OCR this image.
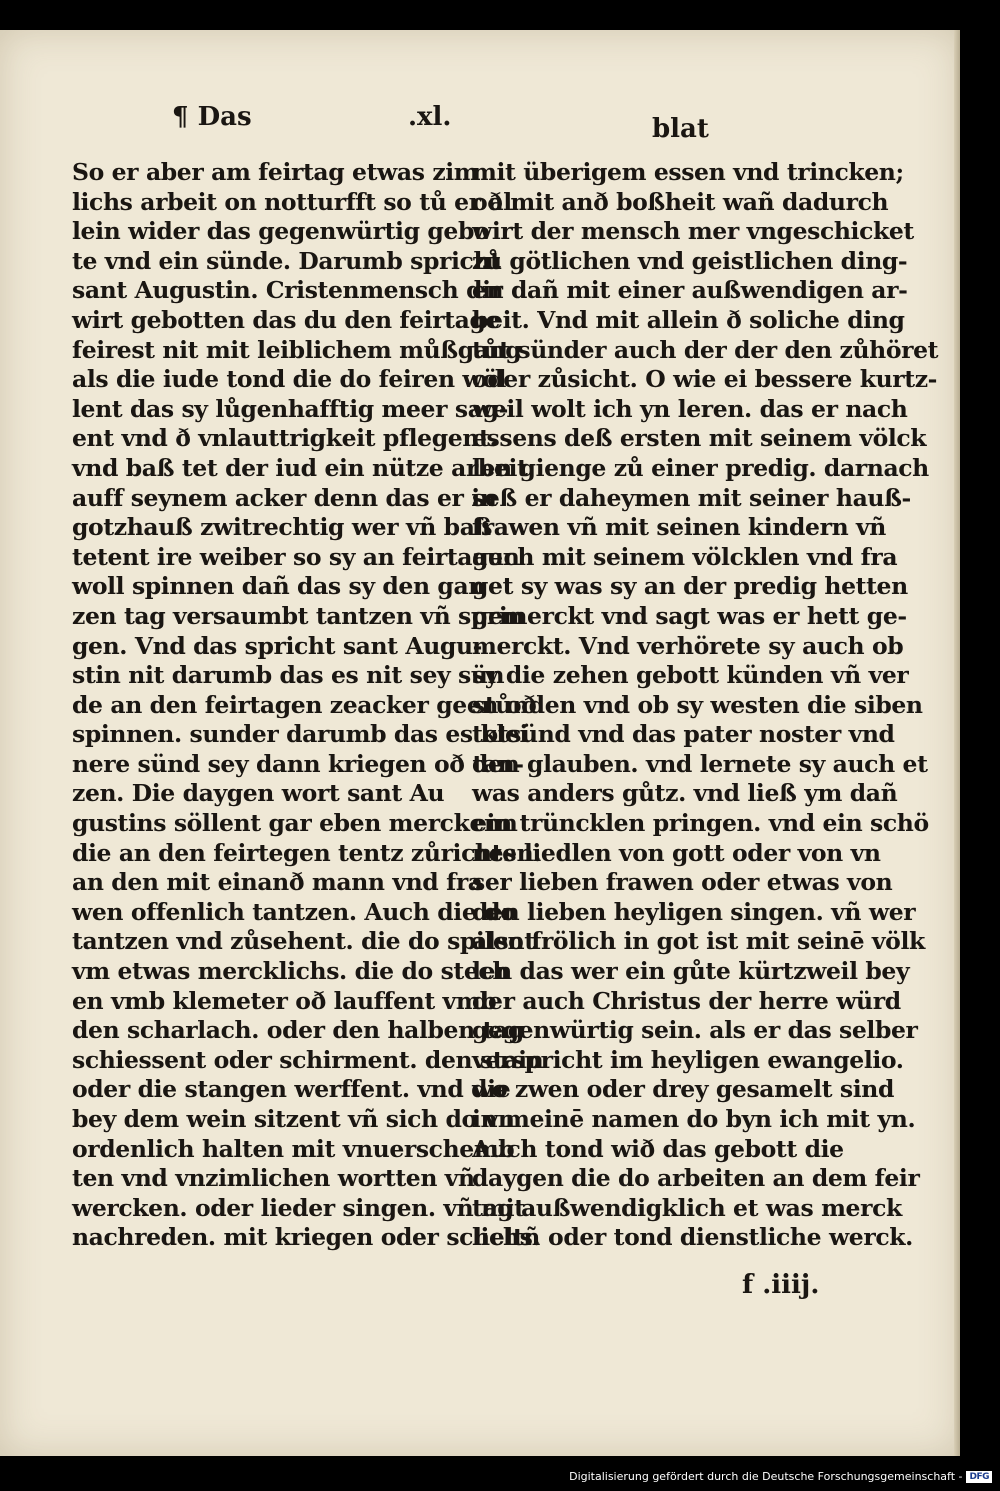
¶ Das	.xl.	blat
So er aber am feirtag etwas zim
lichs arbeit on notturfft so tů er al
lein wider das gegenwürtig gebo
te vnd ein sünde. Darumb spricht
sant Augustin. Cristenmensch dir
wirt gebotten das du den feirtage
feirest nit mit leiblichem můßgang
als die iude tond die do feiren wöl
lent das sy lůgenhafftig meer sag-
ent vnd ð vnlauttrigkeit pflegent.
vnd baß tet der iud ein nütze arbeit
auff seynem acker denn das er in
gotzhauß zwitrechtig wer vñ baß
tetent ire weiber so sy an feirtagen
woll spinnen dañ das sy den gan
zen tag versaumbt tantzen vñ sprin
gen. Vnd das spricht sant Augu-
stin nit darumb das es nit sey sün
de an den feirtagen zeacker geen oð
spinnen. sunder darumb das es klei
nere sünd sey dann kriegen oð tan-
zen. Die daygen wort sant Au
gustins söllent gar eben merckenn
die an den feirtegen tentz zůrichten.
an den mit einanð mann vnd fra
wen offenlich tantzen. Auch die do
tantzen vnd zůsehent. die do spilent
vm etwas mercklichs. die do stech
en vmb klemeter oð lauffent vmb
den scharlach. oder den halben tag
schiessent oder schirment. den stain
oder die stangen werffent. vnd die
bey dem wein sitzent vñ sich do vn
ordenlich halten mit vnuerschemb
ten vnd vnzimlichen wortten vñ
wercken. oder lieder singen. vñ mit
nachreden. mit kriegen oder scheltñ
mit überigem essen vnd trincken;
oð mit anð boßheit wañ dadurch
wirt der mensch mer vngeschicket
zů götlichen vnd geistlichen ding-
en dañ mit einer außwendigen ar-
beit. Vnd mit allein ð soliche ding
tůt sünder auch der der den zůhöret
oder zůsicht. O wie ei bessere kurtz-
weil wolt ich yn leren. das er nach
essens deß ersten mit seinem völck
len gienge zů einer predig. darnach
seß er daheymen mit seiner hauß-
frawen vñ mit seinen kindern vñ
auch mit seinem völcklen vnd fra
get sy was sy an der predig hetten
gemerckt vnd sagt was er hett ge-
merckt. Vnd verhörete sy auch ob
sy die zehen gebott künden vñ ver
stůnden vnd ob sy westen die siben
totsünd vnd das pater noster vnd
den glauben. vnd lernete sy auch et
was anders gůtz. vnd ließ ym dañ
ein trüncklen pringen. vnd ein schö
nes liedlen von gott oder von vn
ser lieben frawen oder etwas von
den lieben heyligen singen. vñ wer
also frölich in got ist mit seinē völk
len das wer ein gůte kürtzweil bey
der auch Christus der herre würd
gegenwürtig sein. als er das selber
verspricht im heyligen ewangelio.
wo zwen oder drey gesamelt sind
in meinē namen do byn ich mit yn.
Auch tond wið das gebott die
daygen die do arbeiten an dem feir
tag außwendigklich et was merck
lichs. oder tond dienstliche werck.
f .iiij.
Digitalisierung gefördert durch die Deutsche Forschungsgemeinschaft - DFG
